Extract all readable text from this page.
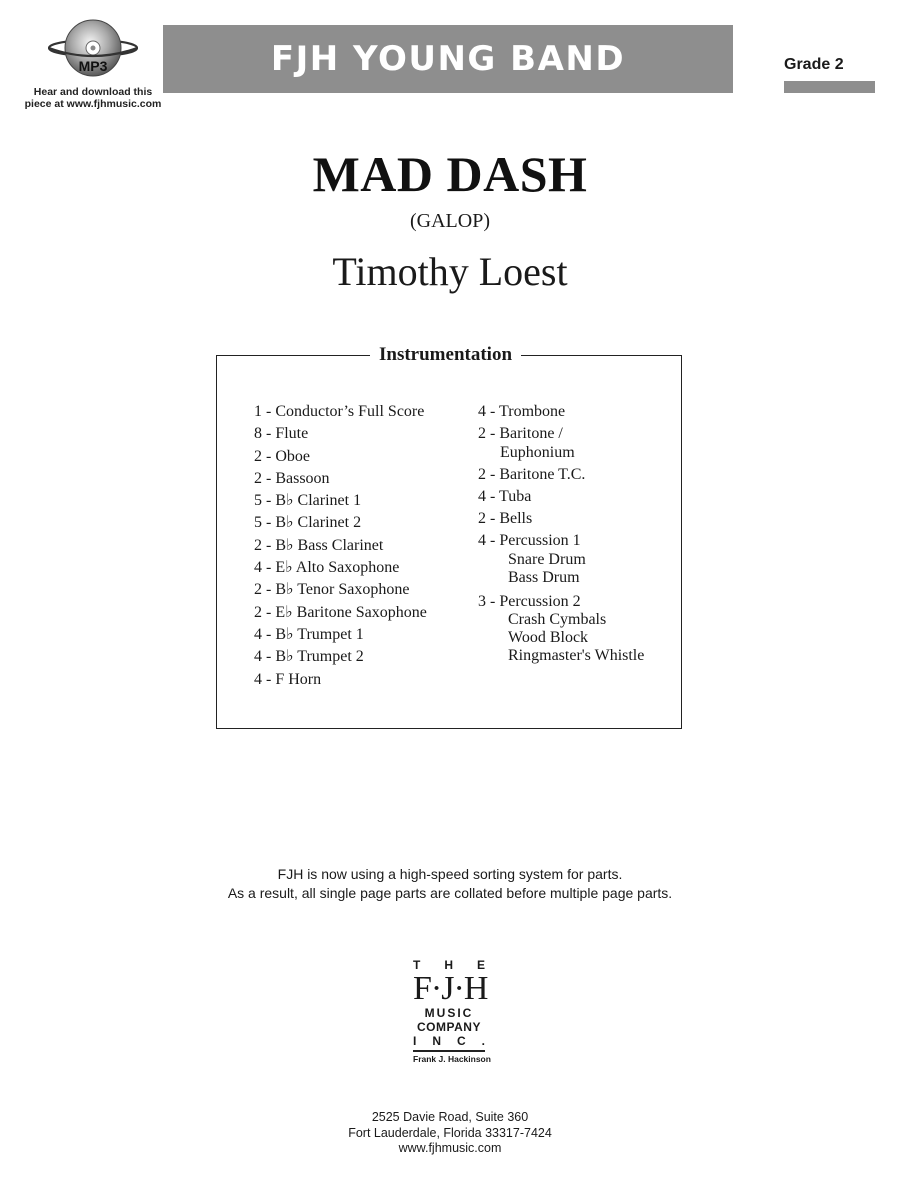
MP3
Hear and download this
piece at www.fjhmusic.com
FJH YOUNG BAND	Grade 2
MAD DASH
(GALOP)
Timothy Loest
Instrumentation
1 - Conductor’s Full Score
8 - Flute
2 - Oboe
2 - Bassoon
5 - B♭ Clarinet 1
5 - B♭ Clarinet 2
2 - B♭ Bass Clarinet
4 - E♭ Alto Saxophone
2 - B♭ Tenor Saxophone
2 - E♭ Baritone Saxophone
4 - B♭ Trumpet 1
4 - B♭ Trumpet 2
4 - F Horn
4 - Trombone
2 - Baritone /
Euphonium
2 - Baritone T.C.
4 - Tuba
2 - Bells
4 - Percussion 1
Snare Drum
Bass Drum
3 - Percussion 2
Crash Cymbals
Wood Block
Ringmaster's Whistle
FJH is now using a high-speed sorting system for parts.
As a result, all single page parts are collated before multiple page parts.
T H E
F · J · H
MUSIC
COMPANY
I N C .
Frank J. Hackinson
2525 Davie Road, Suite 360
Fort Lauderdale, Florida 33317-7424
www.fjhmusic.com
